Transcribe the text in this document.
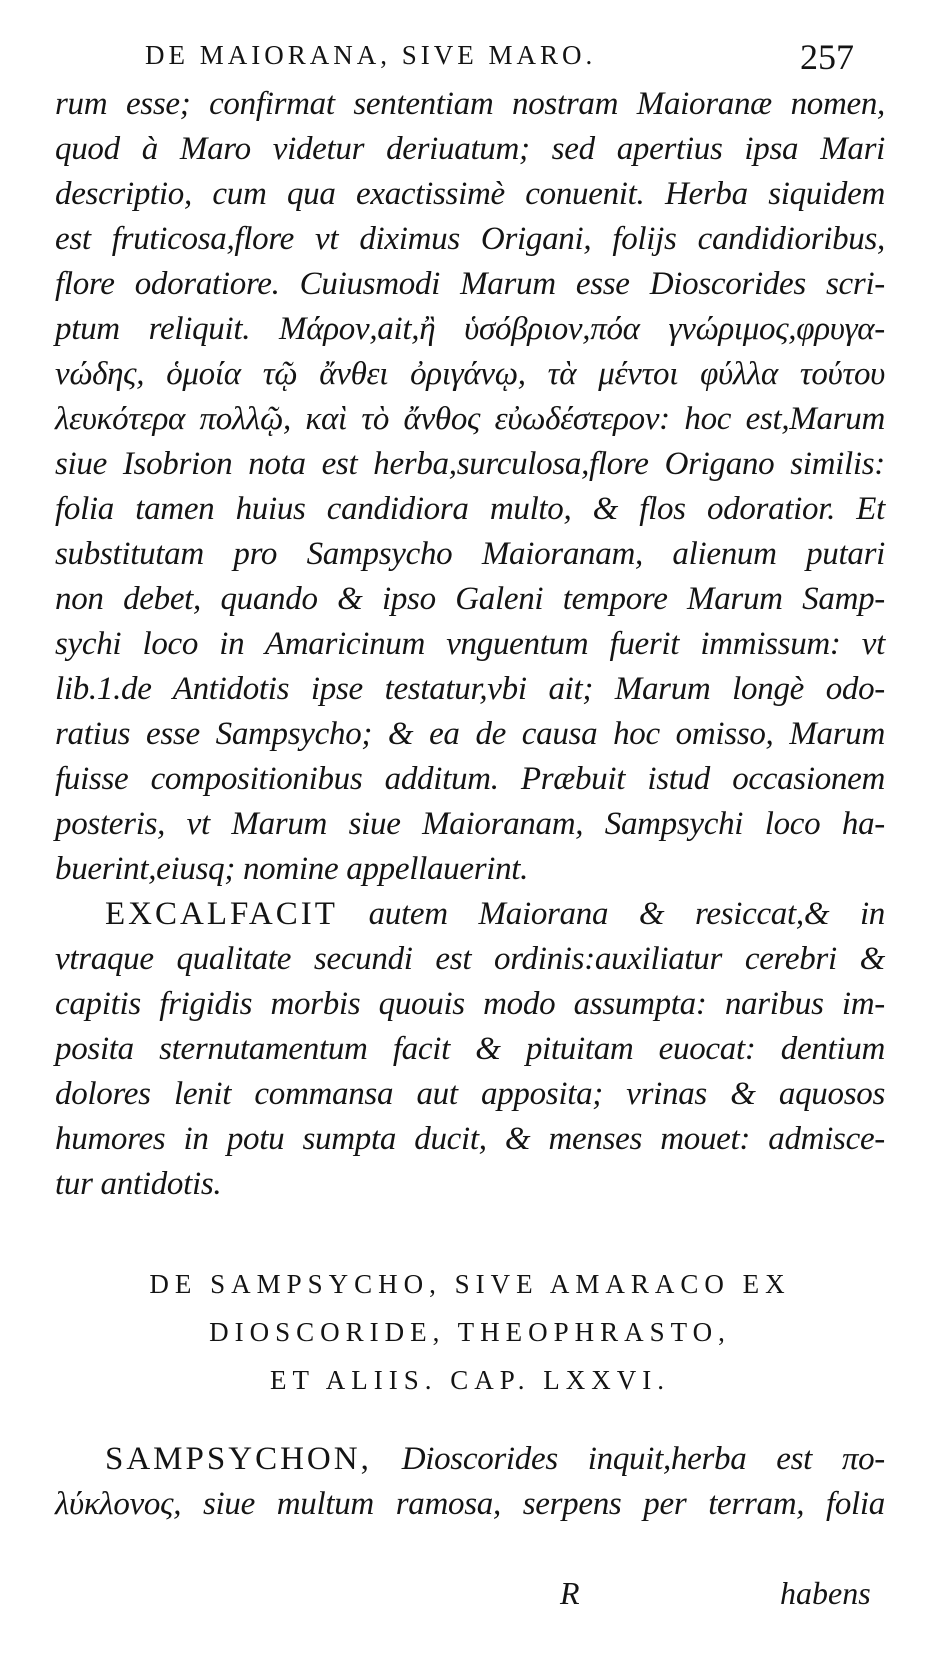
DE MAIORANA, SIVE MARO.	257
rum esse; confirmat sententiam nostram Maioranæ nomen,
quod à Maro videtur deriuatum; sed apertius ipsa Mari
descriptio, cum qua exactissimè conuenit. Herba siquidem
est fruticosa,flore vt diximus Origani, folijs candidioribus,
flore odoratiore. Cuiusmodi Marum esse Dioscorides scri-
ptum reliquit. Μάρον,ait,ἢ ὑσόβριον,πόα γνώριμος,φρυγα-
νώδης, ὁμοία τῷ ἄνθει ὀριγάνῳ, τὰ μέντοι φύλλα τούτου
λευκότερα πολλῷ, καὶ τὸ ἄνθος εὐωδέστερον: hoc est,Marum
siue Isobrion nota est herba,surculosa,flore Origano similis:
folia tamen huius candidiora multo, & flos odoratior. Et
substitutam pro Sampsycho Maioranam, alienum putari
non debet, quando & ipso Galeni tempore Marum Samp-
sychi loco in Amaricinum vnguentum fuerit immissum: vt
lib.1.de Antidotis ipse testatur,vbi ait; Marum longè odo-
ratius esse Sampsycho; & ea de causa hoc omisso, Marum
fuisse compositionibus additum. Præbuit istud occasionem
posteris, vt Marum siue Maioranam, Sampsychi loco ha-
buerint,eiusq; nomine appellauerint.
EXCALFACIT autem Maiorana & resiccat,& in
vtraque qualitate secundi est ordinis:auxiliatur cerebri &
capitis frigidis morbis quouis modo assumpta: naribus im-
posita sternutamentum facit & pituitam euocat: dentium
dolores lenit commansa aut apposita; vrinas & aquosos
humores in potu sumpta ducit, & menses mouet: admisce-
tur antidotis.
DE SAMPSYCHO, SIVE AMARACO EX
DIOSCORIDE, THEOPHRASTO,
ET ALIIS. CAP. LXXVI.
SAMPSYCHON, Dioscorides inquit,herba est πο-
λύκλονος, siue multum ramosa, serpens per terram, folia
R	habens
